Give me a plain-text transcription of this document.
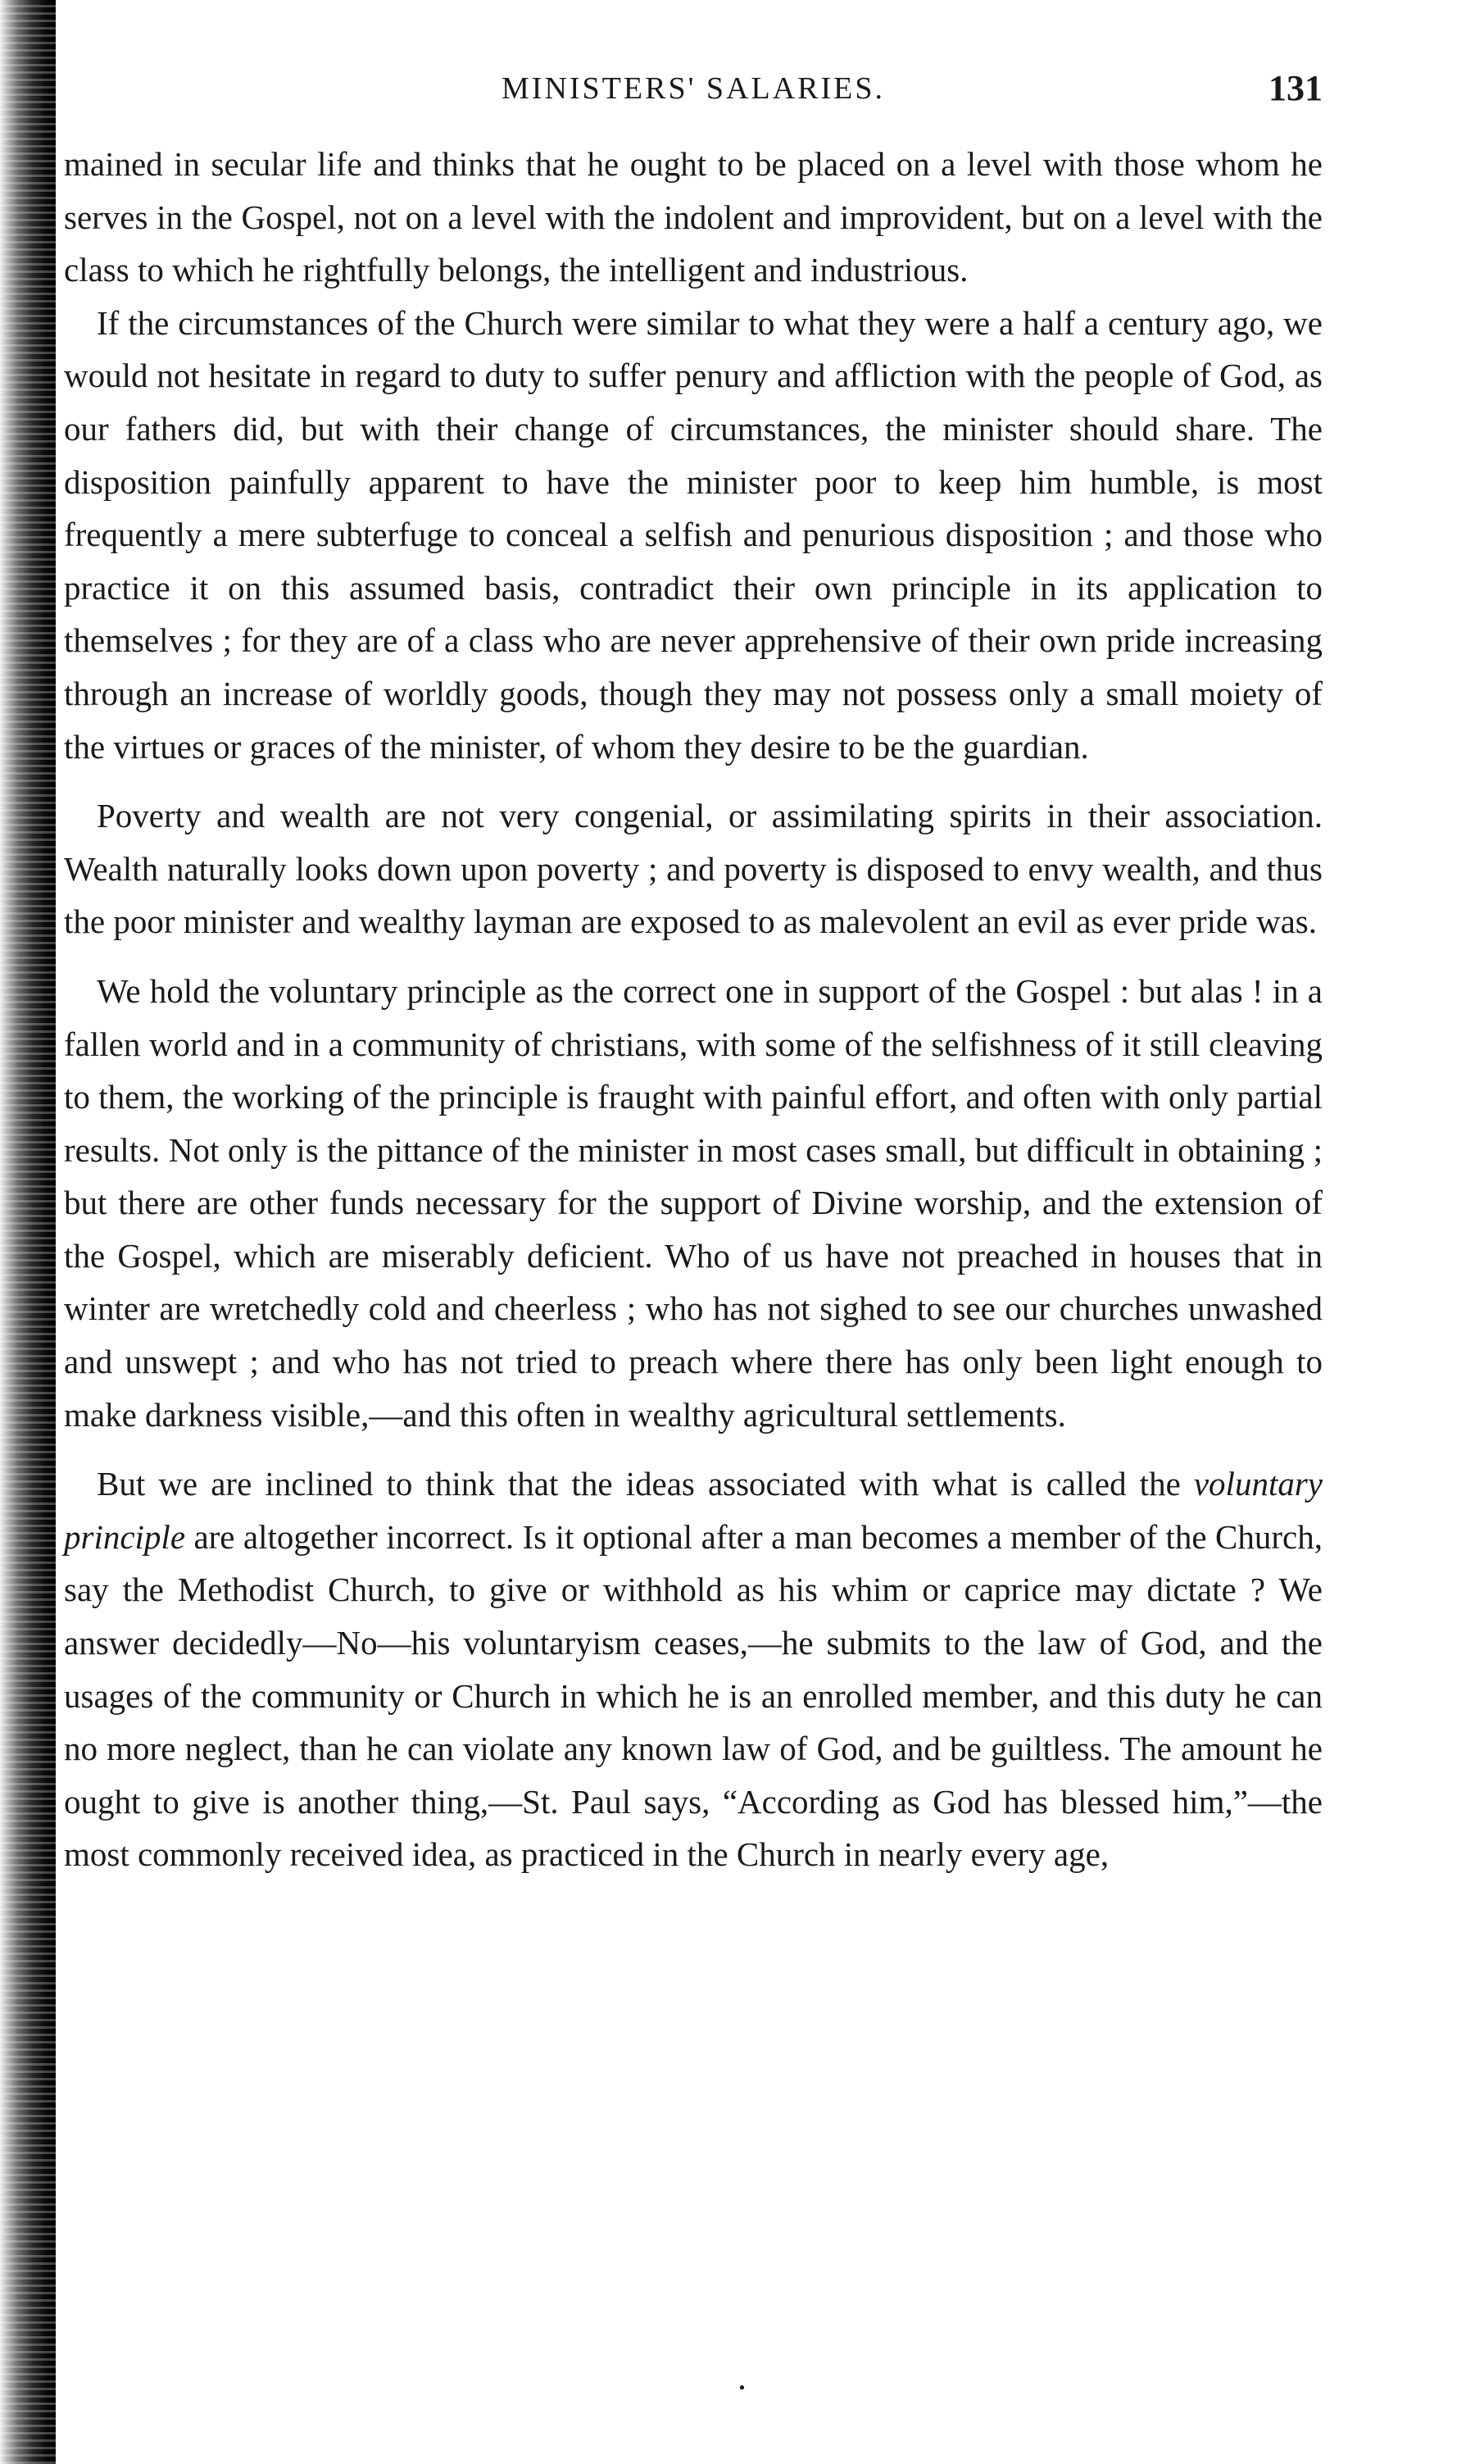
MINISTERS' SALARIES.	131

mained in secular life and thinks that he ought to be placed on a level with those whom he serves in the Gospel, not on a level with the indolent and improvident, but on a level with the class to which he rightfully belongs, the intelligent and industrious.

If the circumstances of the Church were similar to what they were a half a century ago, we would not hesitate in regard to duty to suffer penury and affliction with the people of God, as our fathers did, but with their change of circumstances, the minister should share. The disposition painfully apparent to have the minister poor to keep him humble, is most frequently a mere subterfuge to conceal a selfish and penurious disposition ; and those who practice it on this assumed basis, contradict their own principle in its application to themselves ; for they are of a class who are never apprehensive of their own pride increasing through an increase of worldly goods, though they may not possess only a small moiety of the virtues or graces of the minister, of whom they desire to be the guardian.

Poverty and wealth are not very congenial, or assimilating spirits in their association. Wealth naturally looks down upon poverty ; and poverty is disposed to envy wealth, and thus the poor minister and wealthy layman are exposed to as malevolent an evil as ever pride was.

We hold the voluntary principle as the correct one in support of the Gospel : but alas ! in a fallen world and in a community of christians, with some of the selfishness of it still cleaving to them, the working of the principle is fraught with painful effort, and often with only partial results. Not only is the pittance of the minister in most cases small, but difficult in obtaining ; but there are other funds necessary for the support of Divine worship, and the extension of the Gospel, which are miserably deficient. Who of us have not preached in houses that in winter are wretchedly cold and cheerless ; who has not sighed to see our churches unwashed and unswept ; and who has not tried to preach where there has only been light enough to make darkness visible,—and this often in wealthy agricultural settlements.

But we are inclined to think that the ideas associated with what is called the voluntary principle are altogether incorrect. Is it optional after a man becomes a member of the Church, say the Methodist Church, to give or withhold as his whim or caprice may dictate ? We answer decidedly—No—his voluntaryism ceases,—he submits to the law of God, and the usages of the community or Church in which he is an enrolled member, and this duty he can no more neglect, than he can violate any known law of God, and be guiltless. The amount he ought to give is another thing,—St. Paul says, “According as God has blessed him,”—the most commonly received idea, as practiced in the Church in nearly every age,

•
